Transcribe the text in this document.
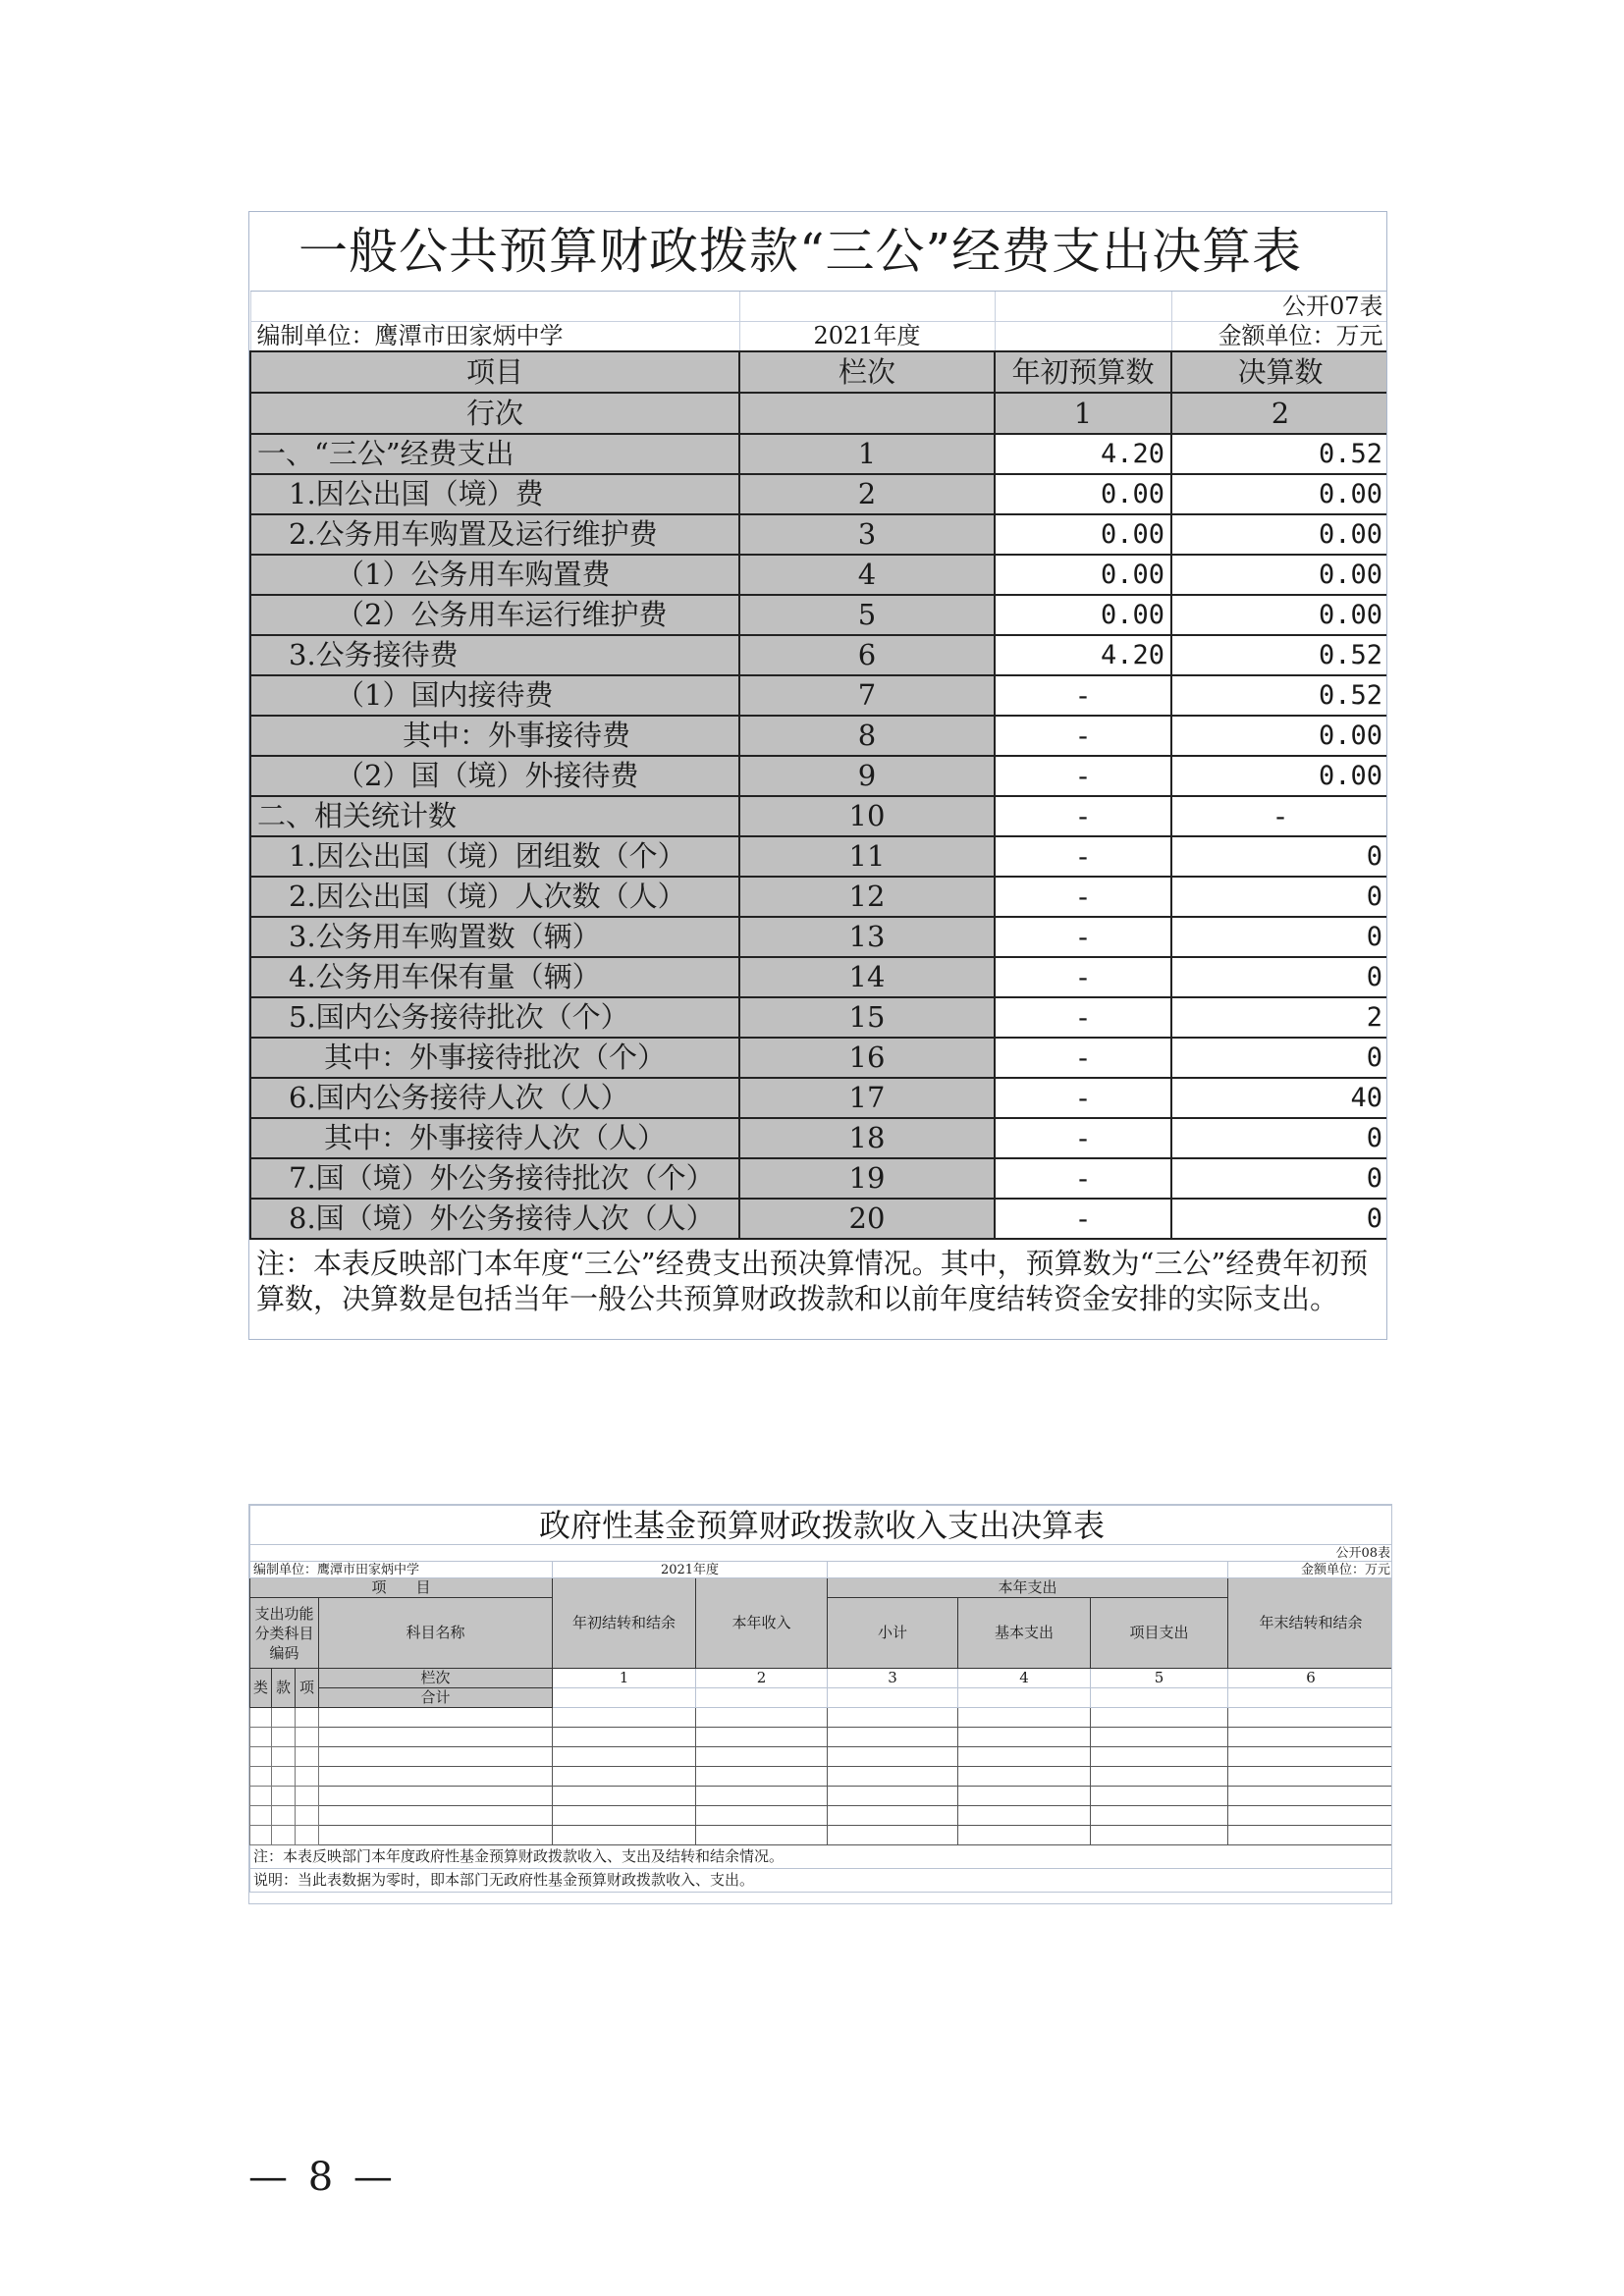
一般公共预算财政拨款“三公”经费支出决算表			
			公开07表
编制单位：鹰潭市田家炳中学	2021年度		金额单位：万元
项目	栏次	年初预算数	决算数
行次		1	2
一、“三公”经费支出	1	4.20	0.52
1.因公出国（境）费	2	0.00	0.00
2.公务用车购置及运行维护费	3	0.00	0.00
（1）公务用车购置费	4	0.00	0.00
（2）公务用车运行维护费	5	0.00	0.00
3.公务接待费	6	4.20	0.52
（1）国内接待费	7	-	0.52
其中：外事接待费	8	-	0.00
（2）国（境）外接待费	9	-	0.00
二、相关统计数	10	-	-
1.因公出国（境）团组数（个）	11	-	0
2.因公出国（境）人次数（人）	12	-	0
3.公务用车购置数（辆）	13	-	0
4.公务用车保有量（辆）	14	-	0
5.国内公务接待批次（个）	15	-	2
其中：外事接待批次（个）	16	-	0
6.国内公务接待人次（人）	17	-	40
其中：外事接待人次（人）	18	-	0
7.国（境）外公务接待批次（个）	19	-	0
8.国（境）外公务接待人次（人）	20	-	0
注：本表反映部门本年度“三公”经费支出预决算情况。其中，预算数为“三公”经费年初预算数，决算数是包括当年一般公共预算财政拨款和以前年度结转资金安排的实际支出。			
政府性基金预算财政拨款收入支出决算表									
公开08表									
编制单位：鹰潭市田家炳中学				2021年度					金额单位：万元
项　　目				年初结转和结余	本年收入	本年支出			年末结转和结余
支出功能分类科目编码			科目名称			小计	基本支出	项目支出	

类	款	项	栏次	1	2	3	4	5	6
			合计						

注：本表反映部门本年度政府性基金预算财政拨款收入、支出及结转和结余情况。									
说明：当此表数据为零时，即本部门无政府性基金预算财政拨款收入、支出。									
— 8 —
